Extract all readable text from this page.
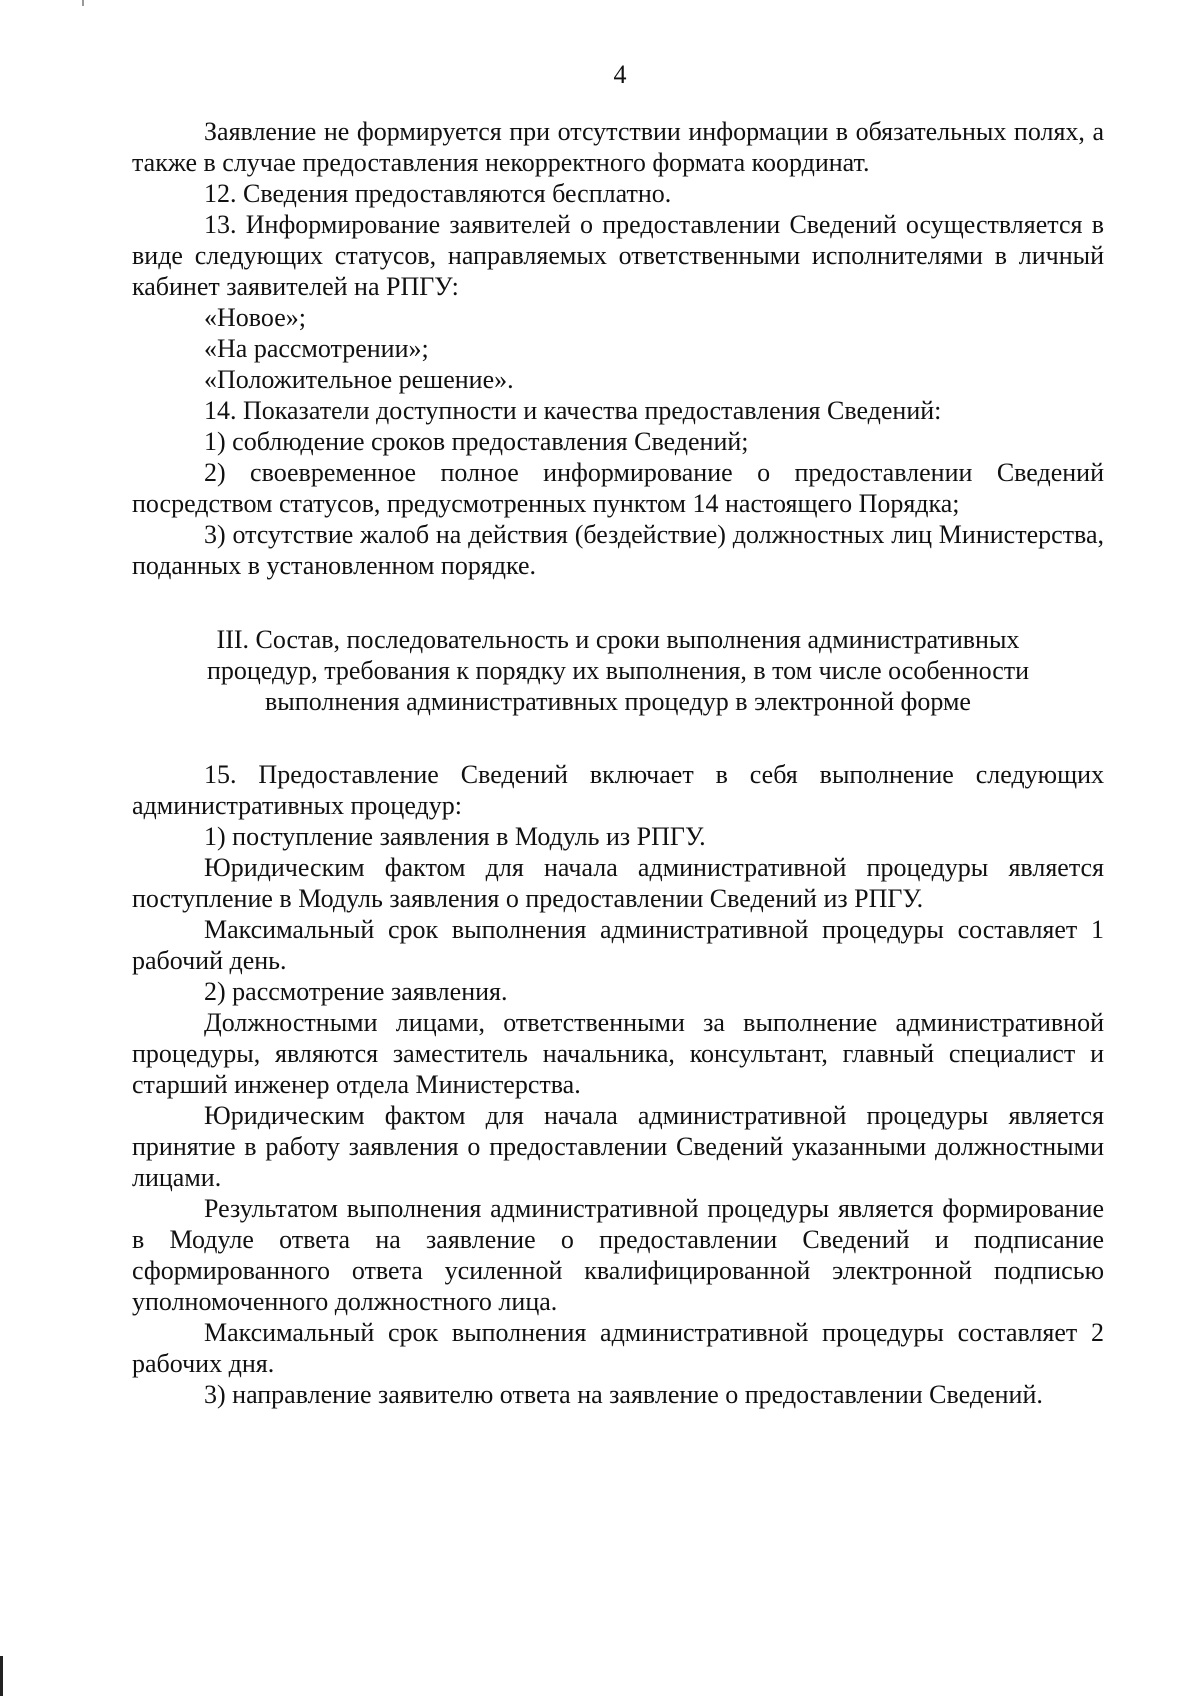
4

Заявление не формируется при отсутствии информации в обязательных полях, а также в случае предоставления некорректного формата координат.

12. Сведения предоставляются бесплатно.

13. Информирование заявителей о предоставлении Сведений осуществляется в виде следующих статусов, направляемых ответственными исполнителями в личный кабинет заявителей на РПГУ:

«Новое»;

«На рассмотрении»;

«Положительное решение».

14. Показатели доступности и качества предоставления Сведений:

1) соблюдение сроков предоставления Сведений;

2) своевременное полное информирование о предоставлении Сведений посредством статусов, предусмотренных пунктом 14 настоящего Порядка;

3) отсутствие жалоб на действия (бездействие) должностных лиц Министерства, поданных в установленном порядке.

III. Состав, последовательность и сроки выполнения административных
процедур, требования к порядку их выполнения, в том числе особенности
выполнения административных процедур в электронной форме

15. Предоставление Сведений включает в себя выполнение следующих административных процедур:

1) поступление заявления в Модуль из РПГУ.

Юридическим фактом для начала административной процедуры является поступление в Модуль заявления о предоставлении Сведений из РПГУ.

Максимальный срок выполнения административной процедуры составляет 1 рабочий день.

2) рассмотрение заявления.

Должностными лицами, ответственными за выполнение административной процедуры, являются заместитель начальника, консультант, главный специалист и старший инженер отдела Министерства.

Юридическим фактом для начала административной процедуры является принятие в работу заявления о предоставлении Сведений указанными должностными лицами.

Результатом выполнения административной процедуры является формирование в Модуле ответа на заявление о предоставлении Сведений и подписание сформированного ответа усиленной квалифицированной электронной подписью уполномоченного должностного лица.

Максимальный срок выполнения административной процедуры составляет 2 рабочих дня.

3) направление заявителю ответа на заявление о предоставлении Сведений.
